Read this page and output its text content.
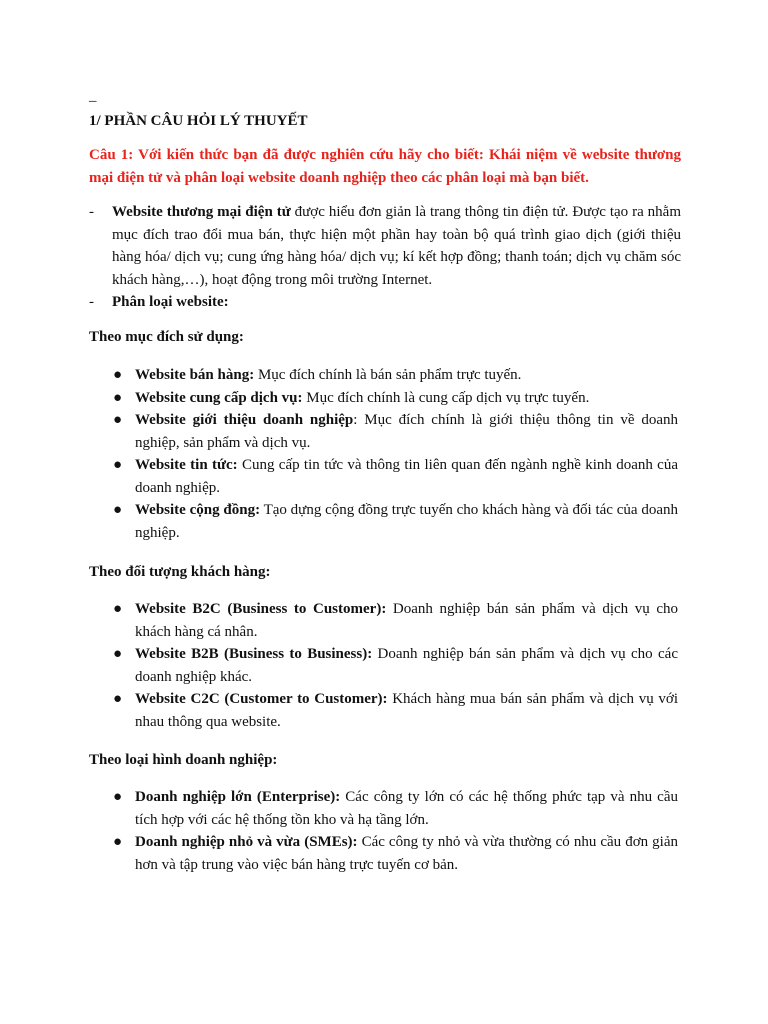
_
1/ PHẦN CÂU HỎI LÝ THUYẾT
Câu 1: Với kiến thức bạn đã được nghiên cứu hãy cho biết: Khái niệm về website thương mại điện tử và phân loại website doanh nghiệp theo các phân loại mà bạn biết.
- Website thương mại điện tử được hiểu đơn giản là trang thông tin điện tử. Được tạo ra nhằm mục đích trao đổi mua bán, thực hiện một phần hay toàn bộ quá trình giao dịch (giới thiệu hàng hóa/ dịch vụ; cung ứng hàng hóa/ dịch vụ; kí kết hợp đồng; thanh toán; dịch vụ chăm sóc khách hàng,…), hoạt động trong môi trường Internet.
- Phân loại website:
Theo mục đích sử dụng:
● Website bán hàng: Mục đích chính là bán sản phẩm trực tuyến.
● Website cung cấp dịch vụ: Mục đích chính là cung cấp dịch vụ trực tuyến.
● Website giới thiệu doanh nghiệp: Mục đích chính là giới thiệu thông tin về doanh nghiệp, sản phẩm và dịch vụ.
● Website tin tức: Cung cấp tin tức và thông tin liên quan đến ngành nghề kinh doanh của doanh nghiệp.
● Website cộng đồng: Tạo dựng cộng đồng trực tuyến cho khách hàng và đối tác của doanh nghiệp.
Theo đối tượng khách hàng:
● Website B2C (Business to Customer): Doanh nghiệp bán sản phẩm và dịch vụ cho khách hàng cá nhân.
● Website B2B (Business to Business): Doanh nghiệp bán sản phẩm và dịch vụ cho các doanh nghiệp khác.
● Website C2C (Customer to Customer): Khách hàng mua bán sản phẩm và dịch vụ với nhau thông qua website.
Theo loại hình doanh nghiệp:
● Doanh nghiệp lớn (Enterprise): Các công ty lớn có các hệ thống phức tạp và nhu cầu tích hợp với các hệ thống tồn kho và hạ tầng lớn.
● Doanh nghiệp nhỏ và vừa (SMEs): Các công ty nhỏ và vừa thường có nhu cầu đơn giản hơn và tập trung vào việc bán hàng trực tuyến cơ bản.
